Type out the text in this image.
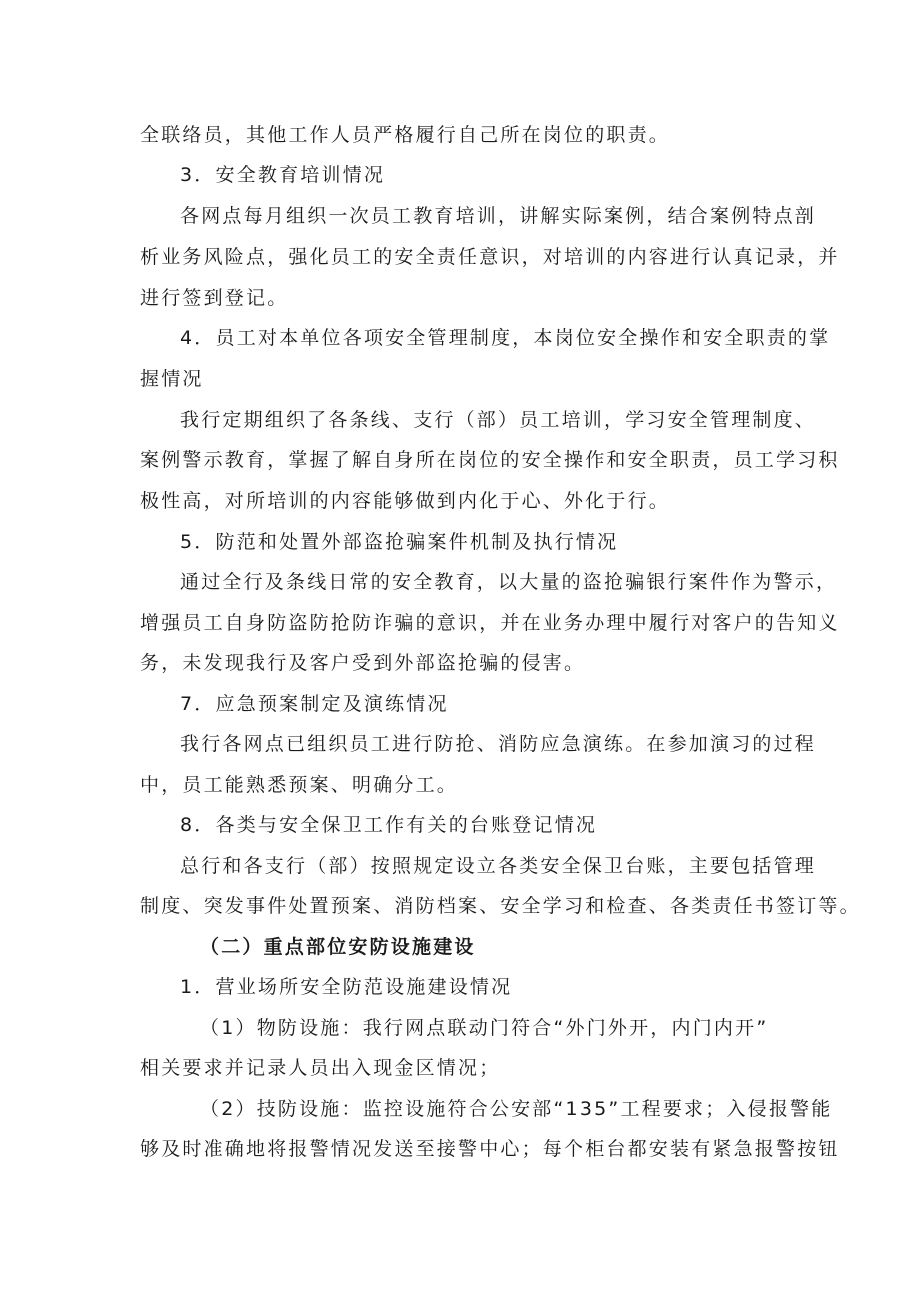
全联络员，其他工作人员严格履行自己所在岗位的职责。
3．安全教育培训情况
各网点每月组织一次员工教育培训，讲解实际案例，结合案例特点剖
析业务风险点，强化员工的安全责任意识，对培训的内容进行认真记录，并
进行签到登记。
4．员工对本单位各项安全管理制度，本岗位安全操作和安全职责的掌
握情况
我行定期组织了各条线、支行（部）员工培训，学习安全管理制度、
案例警示教育，掌握了解自身所在岗位的安全操作和安全职责，员工学习积
极性高，对所培训的内容能够做到内化于心、外化于行。
5．防范和处置外部盗抢骗案件机制及执行情况
通过全行及条线日常的安全教育，以大量的盗抢骗银行案件作为警示，
增强员工自身防盗防抢防诈骗的意识，并在业务办理中履行对客户的告知义
务，未发现我行及客户受到外部盗抢骗的侵害。
7．应急预案制定及演练情况
我行各网点已组织员工进行防抢、消防应急演练。在参加演习的过程
中，员工能熟悉预案、明确分工。
8．各类与安全保卫工作有关的台账登记情况
总行和各支行（部）按照规定设立各类安全保卫台账，主要包括管理
制度、突发事件处置预案、消防档案、安全学习和检查、各类责任书签订等。
（二）重点部位安防设施建设
1．营业场所安全防范设施建设情况
（1）物防设施：我行网点联动门符合“外门外开，内门内开”
相关要求并记录人员出入现金区情况；
（2）技防设施：监控设施符合公安部“135”工程要求；入侵报警能
够及时准确地将报警情况发送至接警中心；每个柜台都安装有紧急报警按钮
